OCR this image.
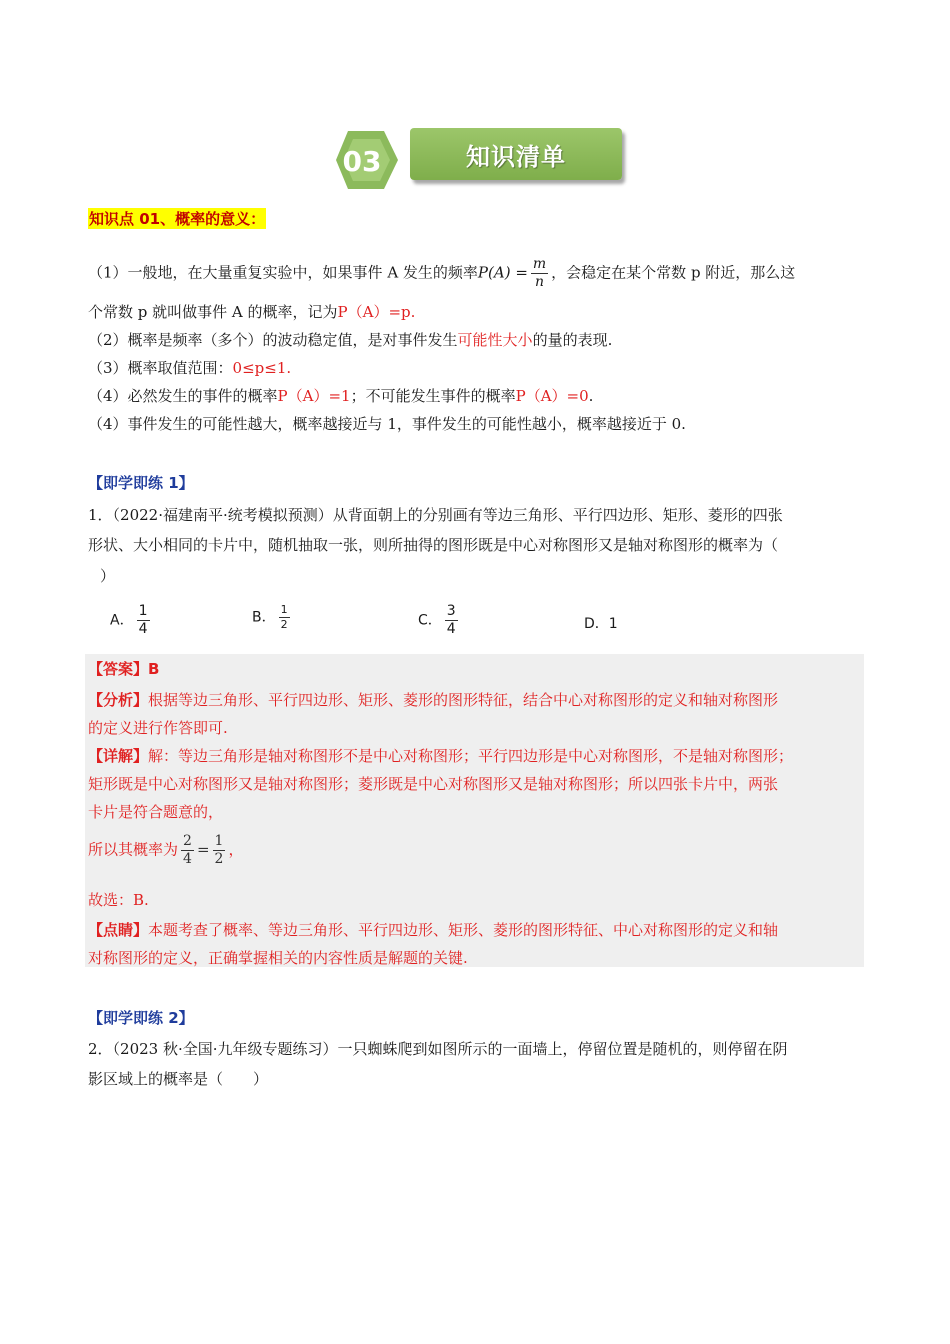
03	知识清单
知识点 01、概率的意义：
（1）一般地，在大量重复实验中，如果事件 A 发生的频率$P(A) = \frac{m}{n}$ ，会稳定在某个常数 p 附近，那么这
个常数 p 就叫做事件 A 的概率，记为P（A）=p.
（2）概率是频率（多个）的波动稳定值，是对事件发生可能性大小的量的表现.
（3）概率取值范围：0≤p≤1.
（4）必然发生的事件的概率P（A）=1；不可能发生事件的概率P（A）=0.
（4）事件发生的可能性越大，概率越接近与 1，事件发生的可能性越小，概率越接近于 0.
【即学即练 1】
1．（2022·福建南平·统考模拟预测）从背面朝上的分别画有等边三角形、平行四边形、矩形、菱形的四张
形状、大小相同的卡片中，随机抽取一张，则所抽得的图形既是中心对称图形又是轴对称图形的概率为（
）
A． $\frac{1}{4}$	B． $\frac{1}{2}$	C． $\frac{3}{4}$	D．1
【答案】B
【分析】根据等边三角形、平行四边形、矩形、菱形的图形特征，结合中心对称图形的定义和轴对称图形
的定义进行作答即可.
【详解】解：等边三角形是轴对称图形不是中心对称图形；平行四边形是中心对称图形，不是轴对称图形；
矩形既是中心对称图形又是轴对称图形；菱形既是中心对称图形又是轴对称图形；所以四张卡片中，两张
卡片是符合题意的，
所以其概率为 $\frac{2}{4} = \frac{1}{2}$ ，
故选：B.
【点睛】本题考查了概率、等边三角形、平行四边形、矩形、菱形的图形特征、中心对称图形的定义和轴
对称图形的定义，正确掌握相关的内容性质是解题的关键.
【即学即练 2】
2．（2023 秋·全国·九年级专题练习）一只蜘蛛爬到如图所示的一面墙上，停留位置是随机的，则停留在阴
影区域上的概率是（　　）
